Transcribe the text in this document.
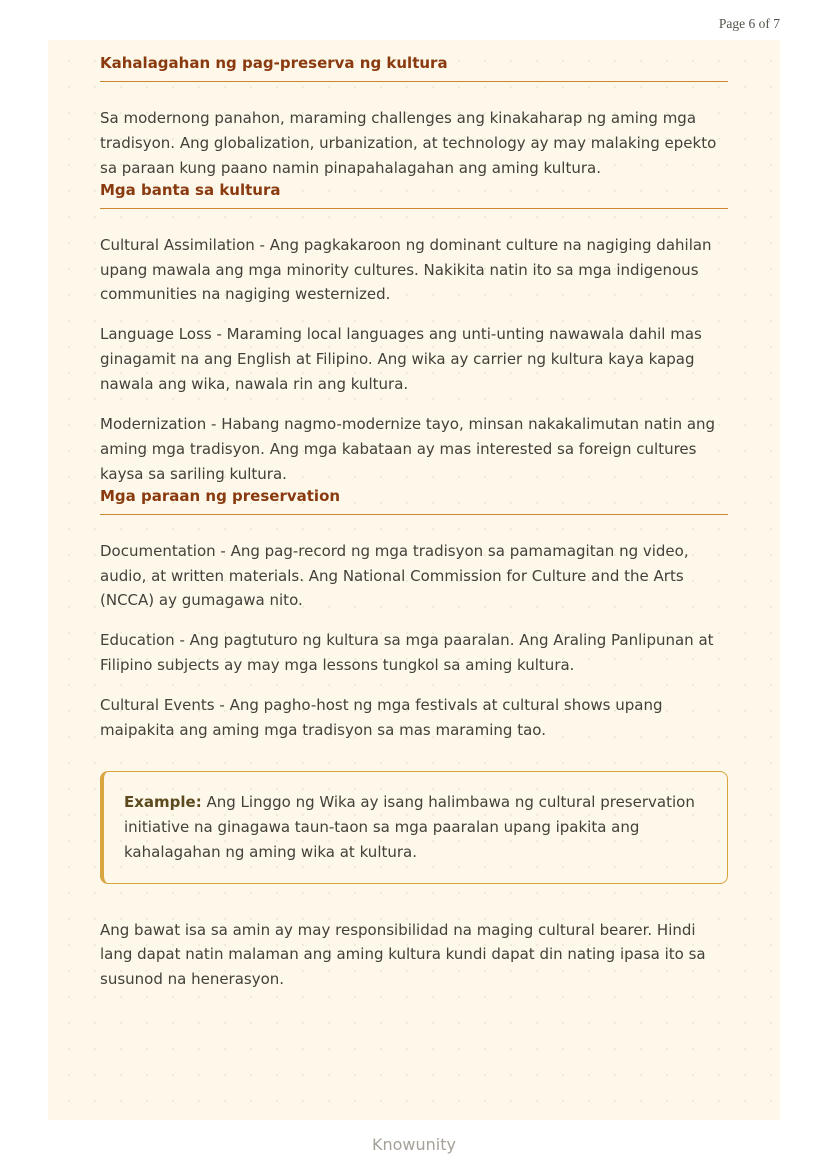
Page 6 of 7
Kahalagahan ng pag-preserva ng kultura

Sa modernong panahon, maraming challenges ang kinakaharap ng aming mga tradisyon. Ang globalization, urbanization, at technology ay may malaking epekto sa paraan kung paano namin pinapahalagahan ang aming kultura.

Mga banta sa kultura

Cultural Assimilation - Ang pagkakaroon ng dominant culture na nagiging dahilan upang mawala ang mga minority cultures. Nakikita natin ito sa mga indigenous communities na nagiging westernized.

Language Loss - Maraming local languages ang unti-unting nawawala dahil mas ginagamit na ang English at Filipino. Ang wika ay carrier ng kultura kaya kapag nawala ang wika, nawala rin ang kultura.

Modernization - Habang nagmo-modernize tayo, minsan nakakalimutan natin ang aming mga tradisyon. Ang mga kabataan ay mas interested sa foreign cultures kaysa sa sariling kultura.

Mga paraan ng preservation

Documentation - Ang pag-record ng mga tradisyon sa pamamagitan ng video, audio, at written materials. Ang National Commission for Culture and the Arts (NCCA) ay gumagawa nito.

Education - Ang pagtuturo ng kultura sa mga paaralan. Ang Araling Panlipunan at Filipino subjects ay may mga lessons tungkol sa aming kultura.

Cultural Events - Ang pagho-host ng mga festivals at cultural shows upang maipakita ang aming mga tradisyon sa mas maraming tao.

Example: Ang Linggo ng Wika ay isang halimbawa ng cultural preservation initiative na ginagawa taun-taon sa mga paaralan upang ipakita ang kahalagahan ng aming wika at kultura.

Ang bawat isa sa amin ay may responsibilidad na maging cultural bearer. Hindi lang dapat natin malaman ang aming kultura kundi dapat din nating ipasa ito sa susunod na henerasyon.

Knowunity
